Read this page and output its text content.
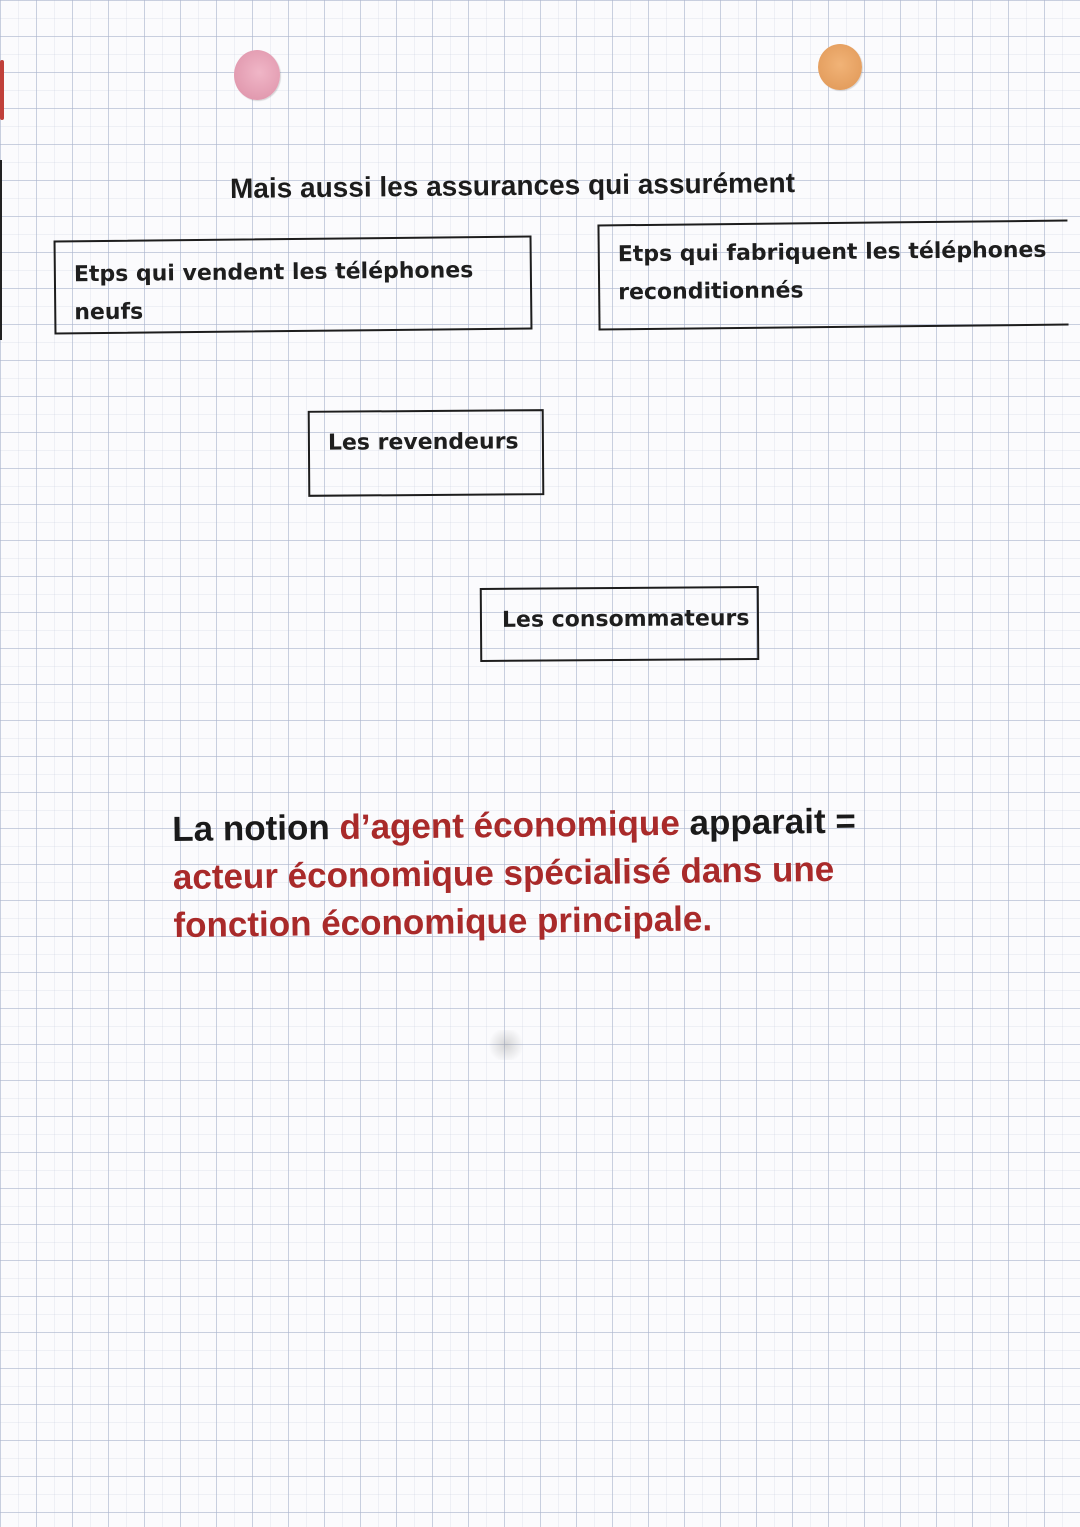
Mais aussi les assurances qui assurément
Etps qui vendent les téléphones neufs
Etps qui fabriquent les téléphones
reconditionnés
Les revendeurs
Les consommateurs
La notion d’agent économique apparait =
acteur économique spécialisé dans une fonction économique principale.
